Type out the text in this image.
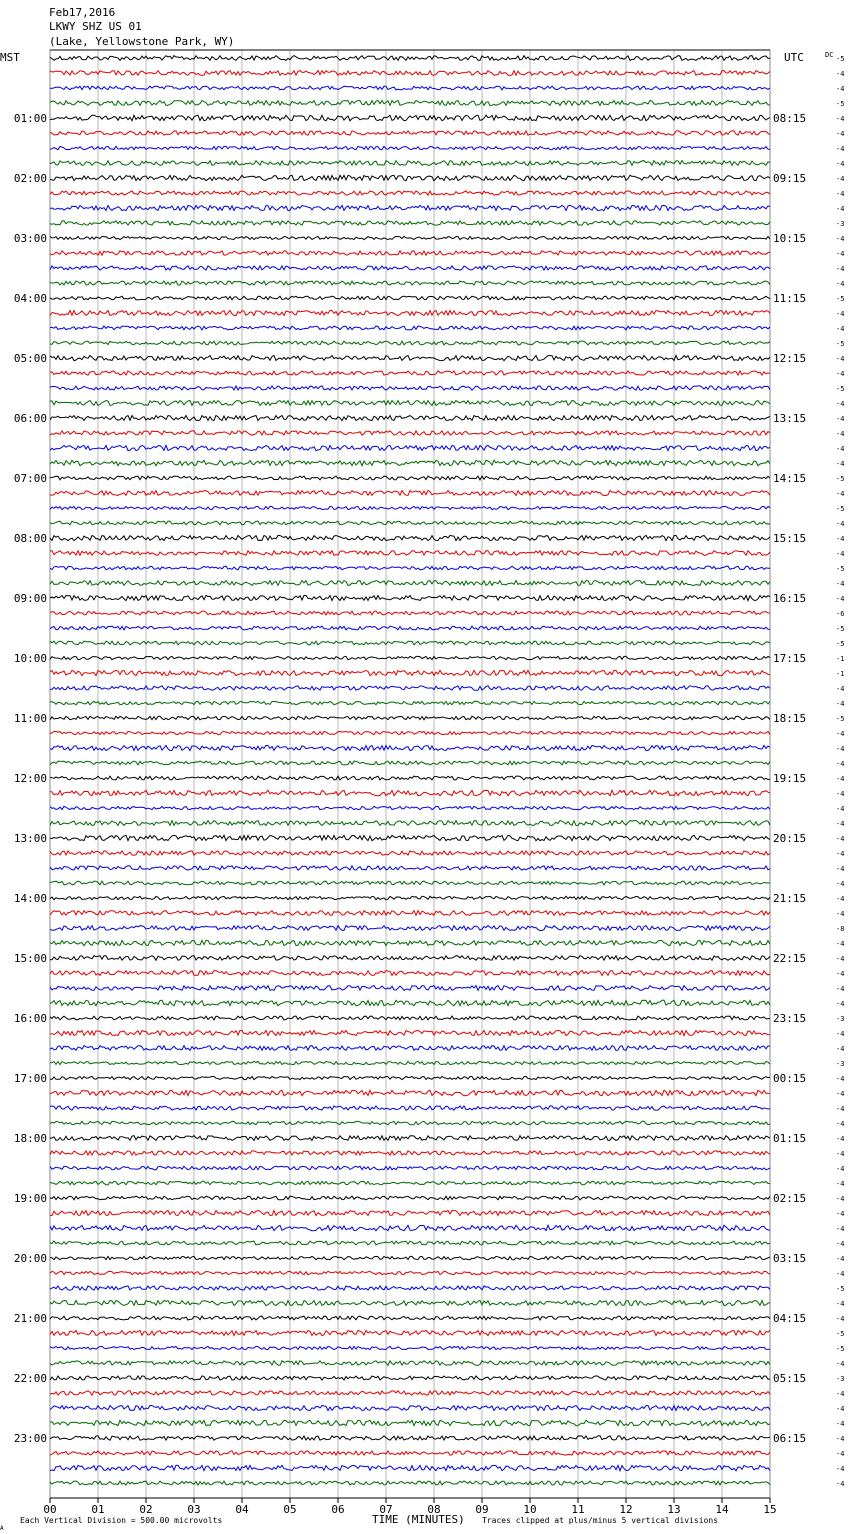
01:00
02:00
03:00
04:00
05:00
06:00
07:00
08:00
09:00
10:00
11:00
12:00
13:00
14:00
15:00
16:00
17:00
18:00
19:00
20:00
21:00
22:00
23:00
08:15
09:15
10:15
11:15
12:15
13:15
14:15
15:15
16:15
17:15
18:15
19:15
20:15
21:15
22:15
23:15
00:15
01:15
02:15
03:15
04:15
05:15
06:15
-5
-4
-4
-5
-4
-4
-4
-4
-4
-4
-4
-3
-4
-4
-4
-4
-5
-4
-4
-5
-4
-4
-5
-4
-4
-4
-4
-4
-5
-4
-5
-4
-4
-4
-5
-4
-4
-6
-5
-5
-1
-1
-4
-4
-5
-4
-4
-4
-4
-4
-4
-4
-4
-4
-4
-4
-4
-4
-8
-4
-4
-4
-4
-4
-3
-4
-4
-3
-4
-4
-4
-4
-4
-4
-4
-4
-4
-4
-4
-4
-4
-4
-5
-4
-4
-5
-5
-4
-3
-4
-4
-4
-4
-4
-4
-4
00	01	02	03	04	05	06	07	08	09	10	11	12	13	14	15
Feb17,2016
LKWY SHZ US 01
(Lake, Yellowstone Park, WY)
MST	UTC	DC
A
Each Vertical Division = 500.00 microvolts	TIME (MINUTES) Traces clipped at plus/minus 5 vertical divisions
